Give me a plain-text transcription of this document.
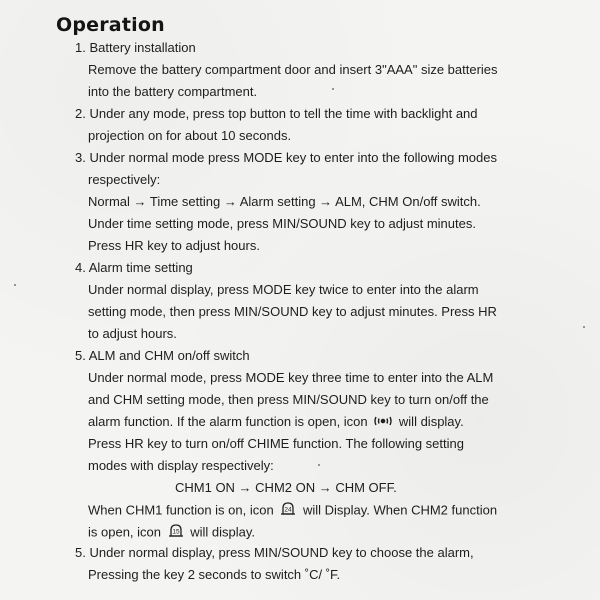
Operation
1. Battery installation
Remove the battery compartment door and insert 3"AAA" size batteries
into the battery compartment.
2. Under any mode, press top button to tell the time with backlight and
projection on for about 10 seconds.
3. Under normal mode press MODE key to enter into the following modes
respectively:
Normal → Time setting → Alarm setting → ALM, CHM On/off switch.
Under time setting mode, press MIN/SOUND key to adjust minutes.
Press HR key to adjust hours.
4. Alarm time setting
Under normal display, press MODE key twice to enter into the alarm
setting mode, then press MIN/SOUND key to adjust minutes. Press HR
to adjust hours.
5. ALM and CHM on/off switch
Under normal mode, press MODE key three time to enter into the ALM
and CHM setting mode, then press MIN/SOUND key to turn on/off the
alarm function. If the alarm function is open, icon will display.
Press HR key to turn on/off CHIME function. The following setting
modes with display respectively:
CHM1 ON → CHM2 ON → CHM OFF.
When CHM1 function is on, icon 24 will Display. When CHM2 function
is open, icon 15 will display.
5. Under normal display, press MIN/SOUND key to choose the alarm,
Pressing the key 2 seconds to switch ˚C/ ˚F.
